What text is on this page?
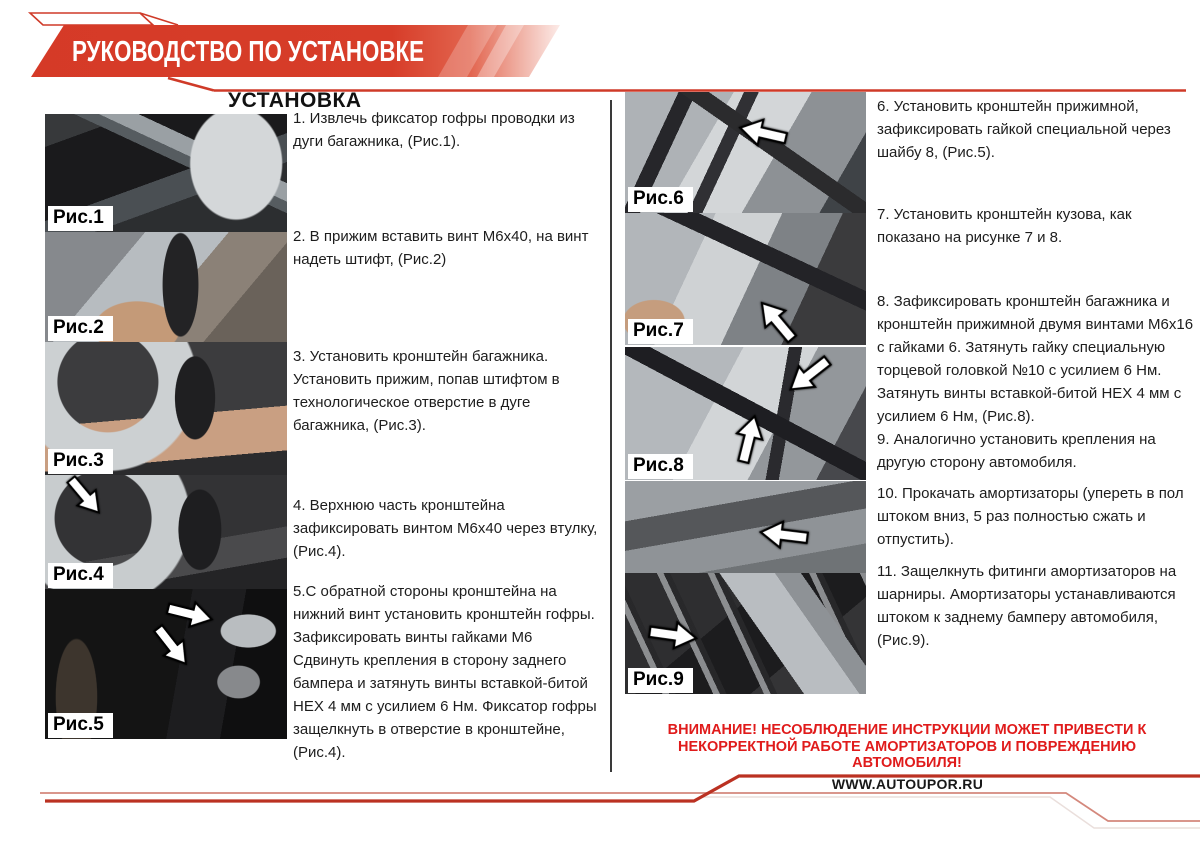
РУКОВОДСТВО ПО УСТАНОВКЕ
УСТАНОВКА
Рис.1
Рис.2
Рис.3
Рис.4
Рис.5
1. Извлечь фиксатор гофры проводки из дуги багажника, (Рис.1).
2. В прижим вставить винт М6х40, на винт надеть штифт, (Рис.2)
3. Установить кронштейн багажника. Установить прижим, попав штифтом в технологическое отверстие в дуге багажника, (Рис.3).
4. Верхнюю часть кронштейна зафиксировать винтом М6х40 через втулку, (Рис.4).
5.С обратной стороны кронштейна на нижний винт установить кронштейн гофры. Зафиксировать винты гайками М6 Сдвинуть крепления в сторону заднего бампера и затянуть винты вставкой-битой НЕХ 4 мм с усилием 6 Нм. Фиксатор гофры защелкнуть в отверстие в кронштейне, (Рис.4).
Рис.6
Рис.7
Рис.8
Рис.9
6. Установить кронштейн прижимной, зафиксировать гайкой специальной через шайбу 8, (Рис.5).
7. Установить кронштейн кузова, как показано на рисунке 7 и 8.
8. Зафиксировать кронштейн багажника и кронштейн прижимной двумя винтами М6х16 с гайками 6. Затянуть гайку специальную торцевой головкой №10 с усилием 6 Нм. Затянуть винты вставкой-битой НЕХ 4 мм с усилием 6 Нм, (Рис.8).
9. Аналогично установить крепления на другую сторону автомобиля.
10. Прокачать амортизаторы (упереть в пол штоком вниз, 5 раз полностью сжать и отпустить).
11. Защелкнуть фитинги амортизаторов на шарниры. Амортизаторы устанавливаются штоком к заднему бамперу автомобиля, (Рис.9).
ВНИМАНИЕ! НЕСОБЛЮДЕНИЕ ИНСТРУКЦИИ МОЖЕТ ПРИВЕСТИ К
НЕКОРРЕКТНОЙ РАБОТЕ АМОРТИЗАТОРОВ И ПОВРЕЖДЕНИЮ
АВТОМОБИЛЯ!
WWW.AUTOUPOR.RU
